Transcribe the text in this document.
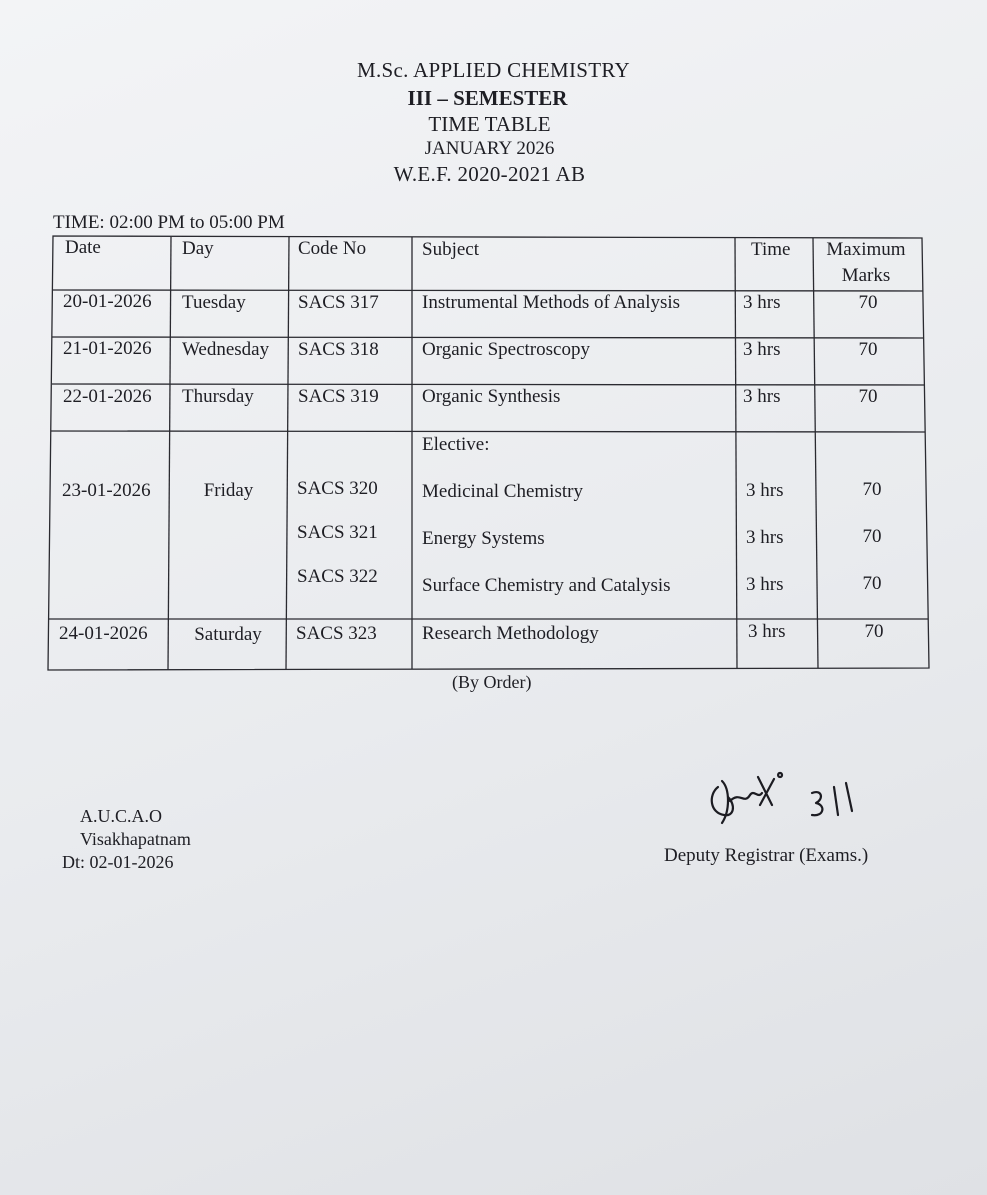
M.Sc. APPLIED CHEMISTRY
III – SEMESTER
TIME TABLE
JANUARY 2026
W.E.F. 2020-2021 AB
TIME: 02:00 PM to 05:00 PM
Date	Day	Code No	Subject	Time	Maximum
Marks
20-01-2026 Tuesday	SACS 317 Instrumental Methods of Analysis	3 hrs	70
21-01-2026 Wednesday SACS 318 Organic Spectroscopy	3 hrs	70
22-01-2026 Thursday SACS 319 Organic Synthesis	3 hrs	70
Elective:
23-01-2026	Friday	SACS 320 Medicinal Chemistry	3 hrs	70
SACS 321 Energy Systems	3 hrs	70
SACS 322 Surface Chemistry and Catalysis	3 hrs	70
24-01-2026	Saturday	SACS 323 Research Methodology	3 hrs	70
(By Order)
A.U.C.A.O
Visakhapatnam
Dt: 02-01-2026	Deputy Registrar (Exams.)
